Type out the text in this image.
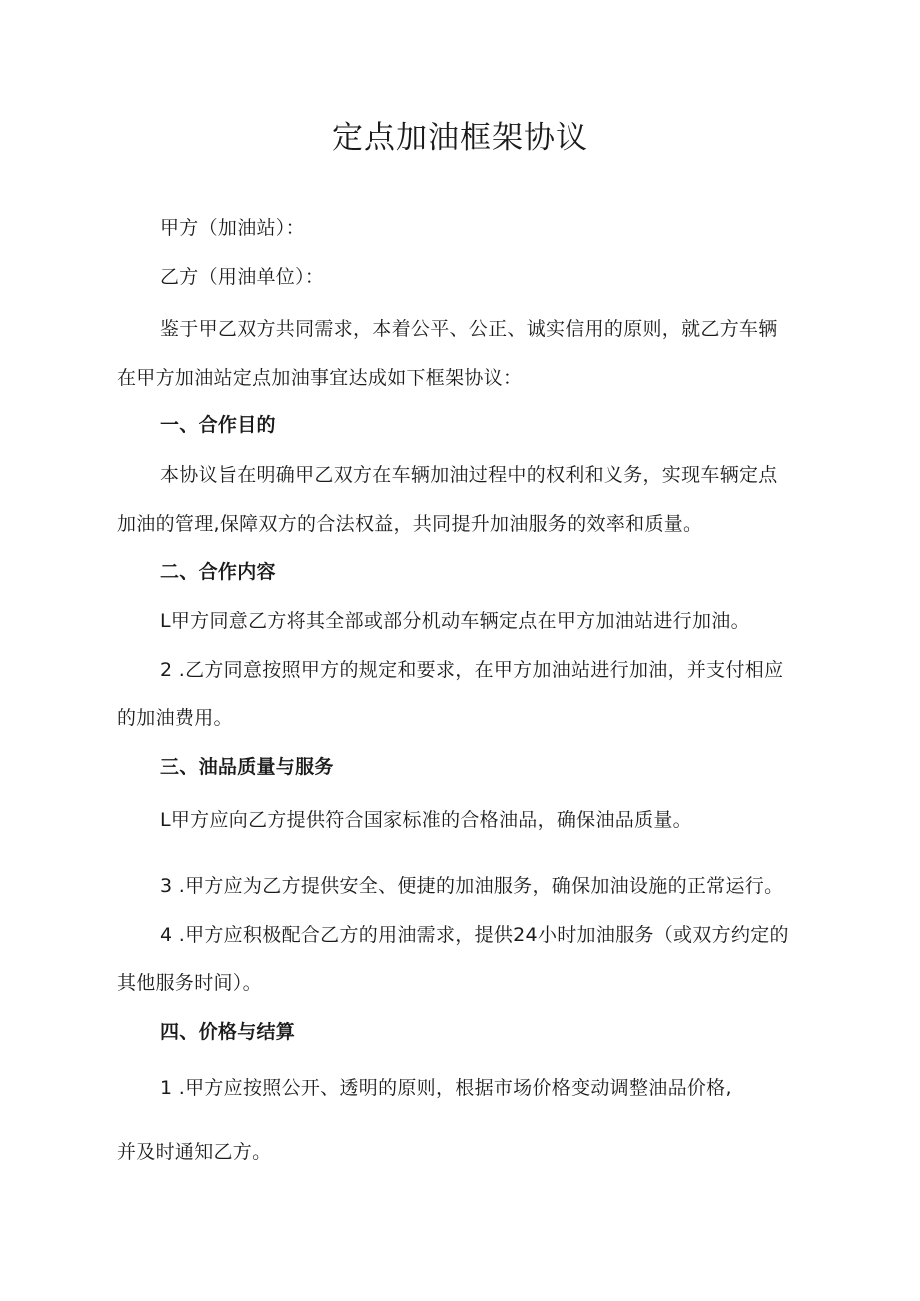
定点加油框架协议
甲方（加油站）：
乙方（用油单位）：
鉴于甲乙双方共同需求，本着公平、公正、诚实信用的原则，就乙方车辆
在甲方加油站定点加油事宜达成如下框架协议：
一、合作目的
本协议旨在明确甲乙双方在车辆加油过程中的权利和义务，实现车辆定点
加油的管理,保障双方的合法权益，共同提升加油服务的效率和质量。
二、合作内容
L甲方同意乙方将其全部或部分机动车辆定点在甲方加油站进行加油。
2 .乙方同意按照甲方的规定和要求，在甲方加油站进行加油，并支付相应
的加油费用。
三、油品质量与服务
L甲方应向乙方提供符合国家标准的合格油品，确保油品质量。
3 .甲方应为乙方提供安全、便捷的加油服务，确保加油设施的正常运行。
4 .甲方应积极配合乙方的用油需求，提供24小时加油服务（或双方约定的
其他服务时间）。
四、价格与结算
1 .甲方应按照公开、透明的原则，根据市场价格变动调整油品价格,
并及时通知乙方。
